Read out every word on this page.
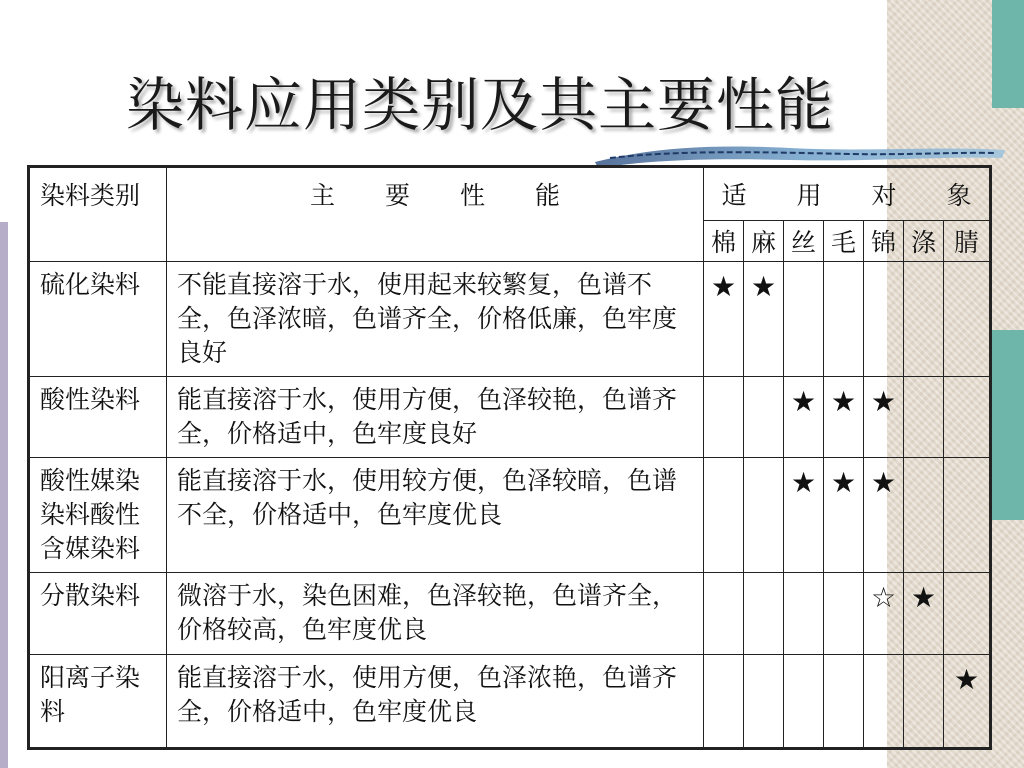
染料应用类别及其主要性能
染料类别	主　　要　　性　　能	适　　用　　对　　象						
		棉	麻	丝	毛	锦	涤	腈
硫化染料	不能直接溶于水，使用起来较繁复，色谱不全，色泽浓暗，色谱齐全，价格低廉，色牢度良好	★	★					
酸性染料	能直接溶于水，使用方便，色泽较艳，色谱齐全，价格适中，色牢度良好			★	★	★		
酸性媒染染料酸性含媒染料	能直接溶于水，使用较方便，色泽较暗，色谱不全，价格适中，色牢度优良			★	★	★		
分散染料	微溶于水，染色困难，色泽较艳，色谱齐全，价格较高，色牢度优良					☆	★	
阳离子染料	能直接溶于水，使用方便，色泽浓艳，色谱齐全，价格适中，色牢度优良							★
